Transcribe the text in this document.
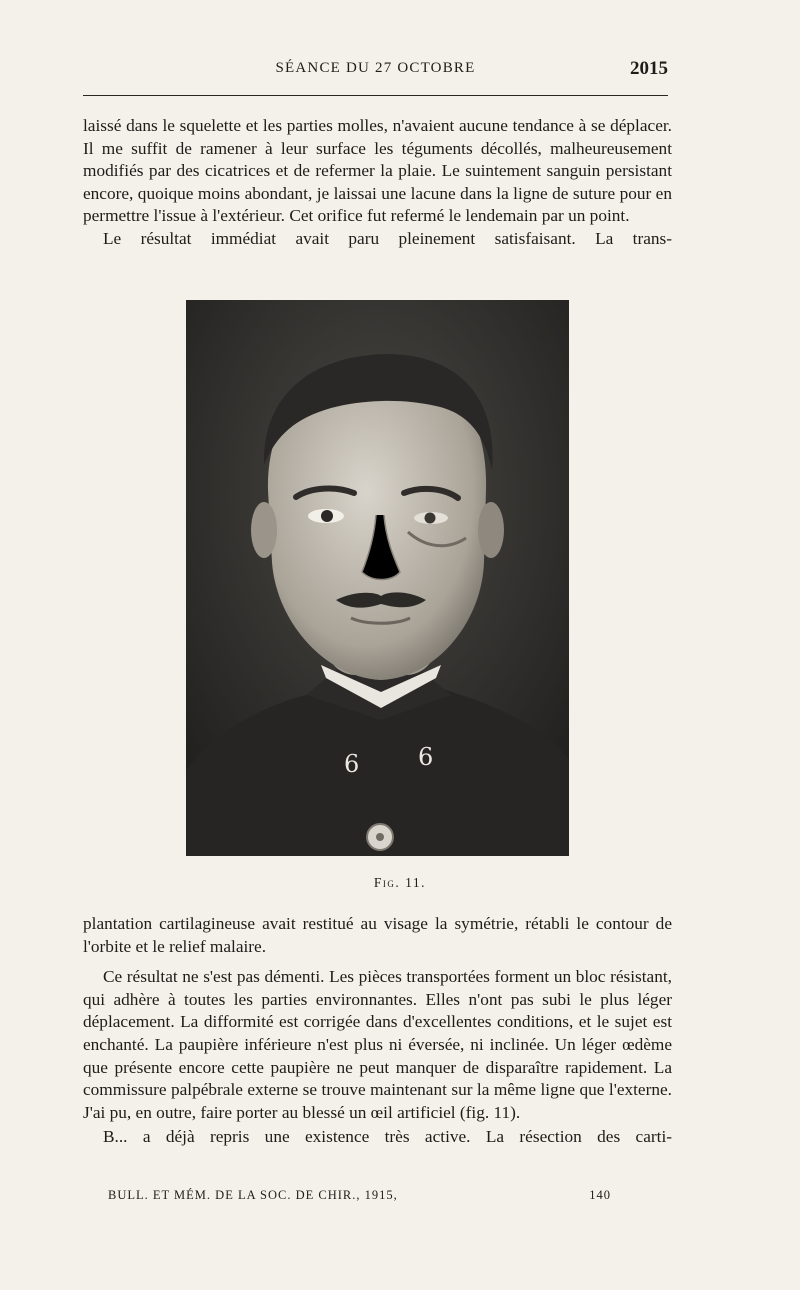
SÉANCE DU 27 OCTOBRE	2015

laissé dans le squelette et les parties molles, n'avaient aucune tendance à se déplacer. Il me suffit de ramener à leur surface les téguments décollés, malheureusement modifiés par des cicatrices et de refermer la plaie. Le suintement sanguin persistant encore, quoique moins abondant, je laissai une lacune dans la ligne de suture pour en permettre l'issue à l'extérieur. Cet orifice fut refermé le lendemain par un point.

Le résultat immédiat avait paru pleinement satisfaisant. La trans-

6 6
Fig. 11.

plantation cartilagineuse avait restitué au visage la symétrie, rétabli le contour de l'orbite et le relief malaire.

Ce résultat ne s'est pas démenti. Les pièces transportées forment un bloc résistant, qui adhère à toutes les parties environnantes. Elles n'ont pas subi le plus léger déplacement. La difformité est corrigée dans d'excellentes conditions, et le sujet est enchanté. La paupière inférieure n'est plus ni éversée, ni inclinée. Un léger œdème que présente encore cette paupière ne peut manquer de disparaître rapidement. La commissure palpébrale externe se trouve maintenant sur la même ligne que l'externe. J'ai pu, en outre, faire porter au blessé un œil artificiel (fig. 11).

B... a déjà repris une existence très active. La résection des carti-

BULL. ET MÉM. DE LA SOC. DE CHIR., 1915,	140
